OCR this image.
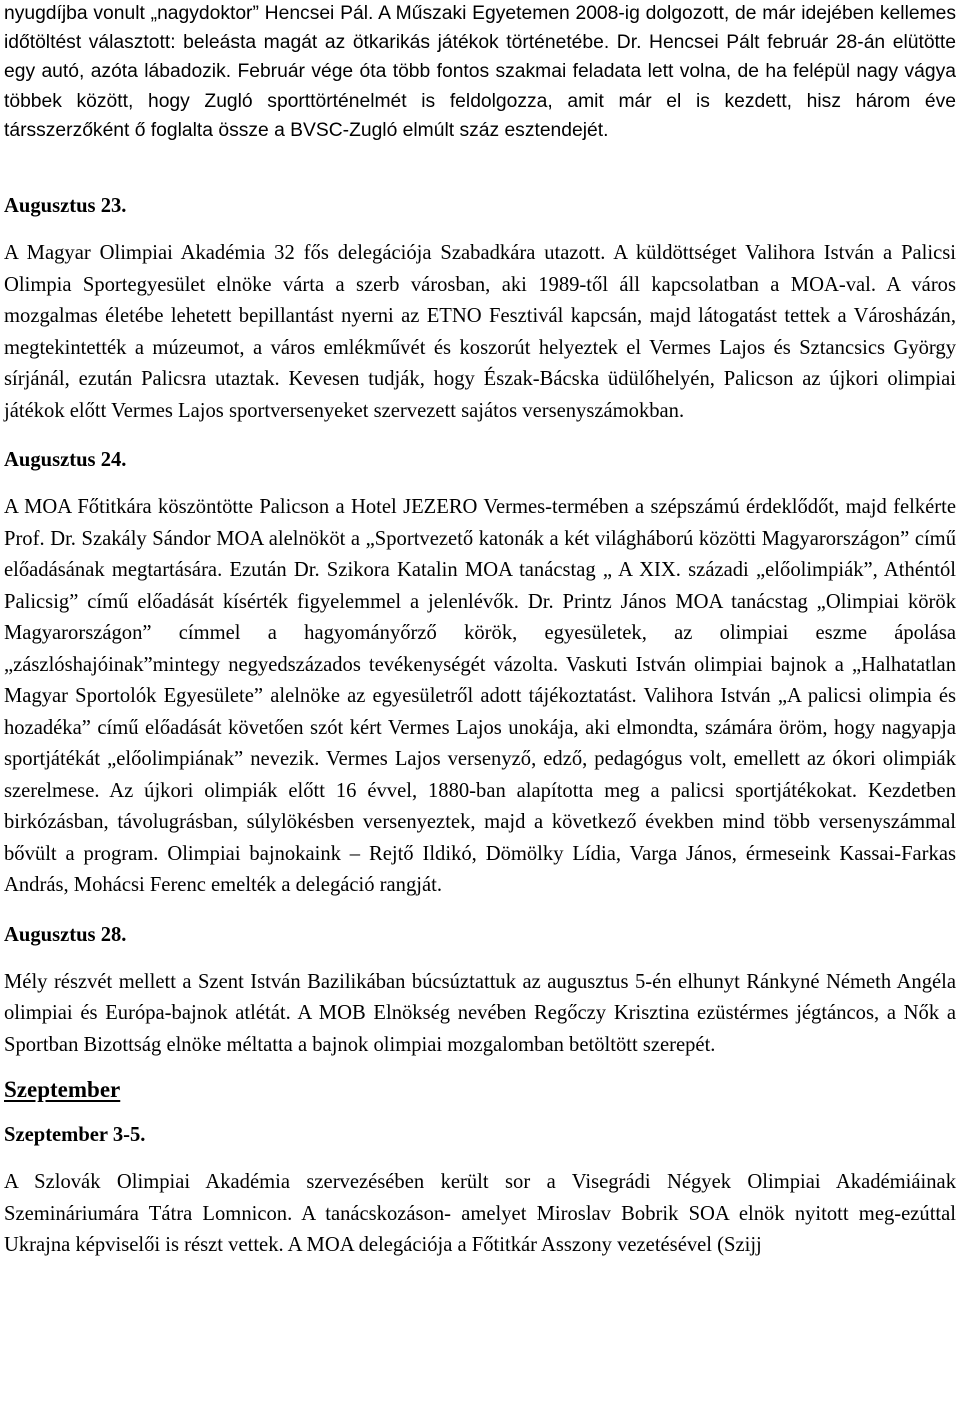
nyugdíjba vonult „nagydoktor” Hencsei Pál. A Műszaki Egyetemen 2008-ig dolgozott, de már idejében kellemes időtöltést választott: beleásta magát az ötkarikás játékok történetébe. Dr. Hencsei Pált február 28-án elütötte egy autó, azóta lábadozik. Február vége óta több fontos szakmai feladata lett volna, de ha felépül nagy vágya többek között, hogy Zugló sporttörténelmét is feldolgozza, amit már el is kezdett, hisz három éve társszerzőként ő foglalta össze a BVSC-Zugló elmúlt száz esztendejét.

Augusztus 23.

A Magyar Olimpiai Akadémia 32 fős delegációja Szabadkára utazott. A küldöttséget Valihora István a Palicsi Olimpia Sportegyesület elnöke várta a szerb városban, aki 1989-től áll kapcsolatban a MOA-val. A város mozgalmas életébe lehetett bepillantást nyerni az ETNO Fesztivál kapcsán, majd látogatást tettek a Városházán, megtekintették a múzeumot, a város emlékművét és koszorút helyeztek el Vermes Lajos és Sztancsics György sírjánál, ezután Palicsra utaztak. Kevesen tudják, hogy Észak-Bácska üdülőhelyén, Palicson az újkori olimpiai játékok előtt Vermes Lajos sportversenyeket szervezett sajátos versenyszámokban.

Augusztus 24.

A MOA Főtitkára köszöntötte Palicson a Hotel JEZERO Vermes-termében a szépszámú érdeklődőt, majd felkérte Prof. Dr. Szakály Sándor MOA alelnököt a „Sportvezető katonák a két világháború közötti Magyarországon” című előadásának megtartására. Ezután Dr. Szikora Katalin MOA tanácstag „ A XIX. századi „előolimpiák”, Athéntól Palicsig” című előadását kísérték figyelemmel a jelenlévők. Dr. Printz János MOA tanácstag „Olimpiai körök Magyarországon” címmel a hagyományőrző körök, egyesületek, az olimpiai eszme ápolása „zászlóshajóinak”mintegy negyedszázados tevékenységét vázolta. Vaskuti István olimpiai bajnok a „Halhatatlan Magyar Sportolók Egyesülete” alelnöke az egyesületről adott tájékoztatást. Valihora István „A palicsi olimpia és hozadéka” című előadását követően szót kért Vermes Lajos unokája, aki elmondta, számára öröm, hogy nagyapja sportjátékát „előolimpiának” nevezik. Vermes Lajos versenyző, edző, pedagógus volt, emellett az ókori olimpiák szerelmese. Az újkori olimpiák előtt 16 évvel, 1880-ban alapította meg a palicsi sportjátékokat. Kezdetben birkózásban, távolugrásban, súlylökésben versenyeztek, majd a következő években mind több versenyszámmal bővült a program. Olimpiai bajnokaink – Rejtő Ildikó, Dömölky Lídia, Varga János, érmeseink Kassai-Farkas András, Mohácsi Ferenc emelték a delegáció rangját.

Augusztus 28.

Mély részvét mellett a Szent István Bazilikában búcsúztattuk az augusztus 5-én elhunyt Ránkyné Németh Angéla olimpiai és Európa-bajnok atlétát. A MOB Elnökség nevében Regőczy Krisztina ezüstérmes jégtáncos, a Nők a Sportban Bizottság elnöke méltatta a bajnok olimpiai mozgalomban betöltött szerepét.

Szeptember

Szeptember 3-5.

A Szlovák Olimpiai Akadémia szervezésében került sor a Visegrádi Négyek Olimpiai Akadémiáinak Szemináriumára Tátra Lomnicon. A tanácskozáson- amelyet Miroslav Bobrik SOA elnök nyitott meg-ezúttal Ukrajna képviselői is részt vettek. A MOA delegációja a Főtitkár Asszony vezetésével (Szijj
